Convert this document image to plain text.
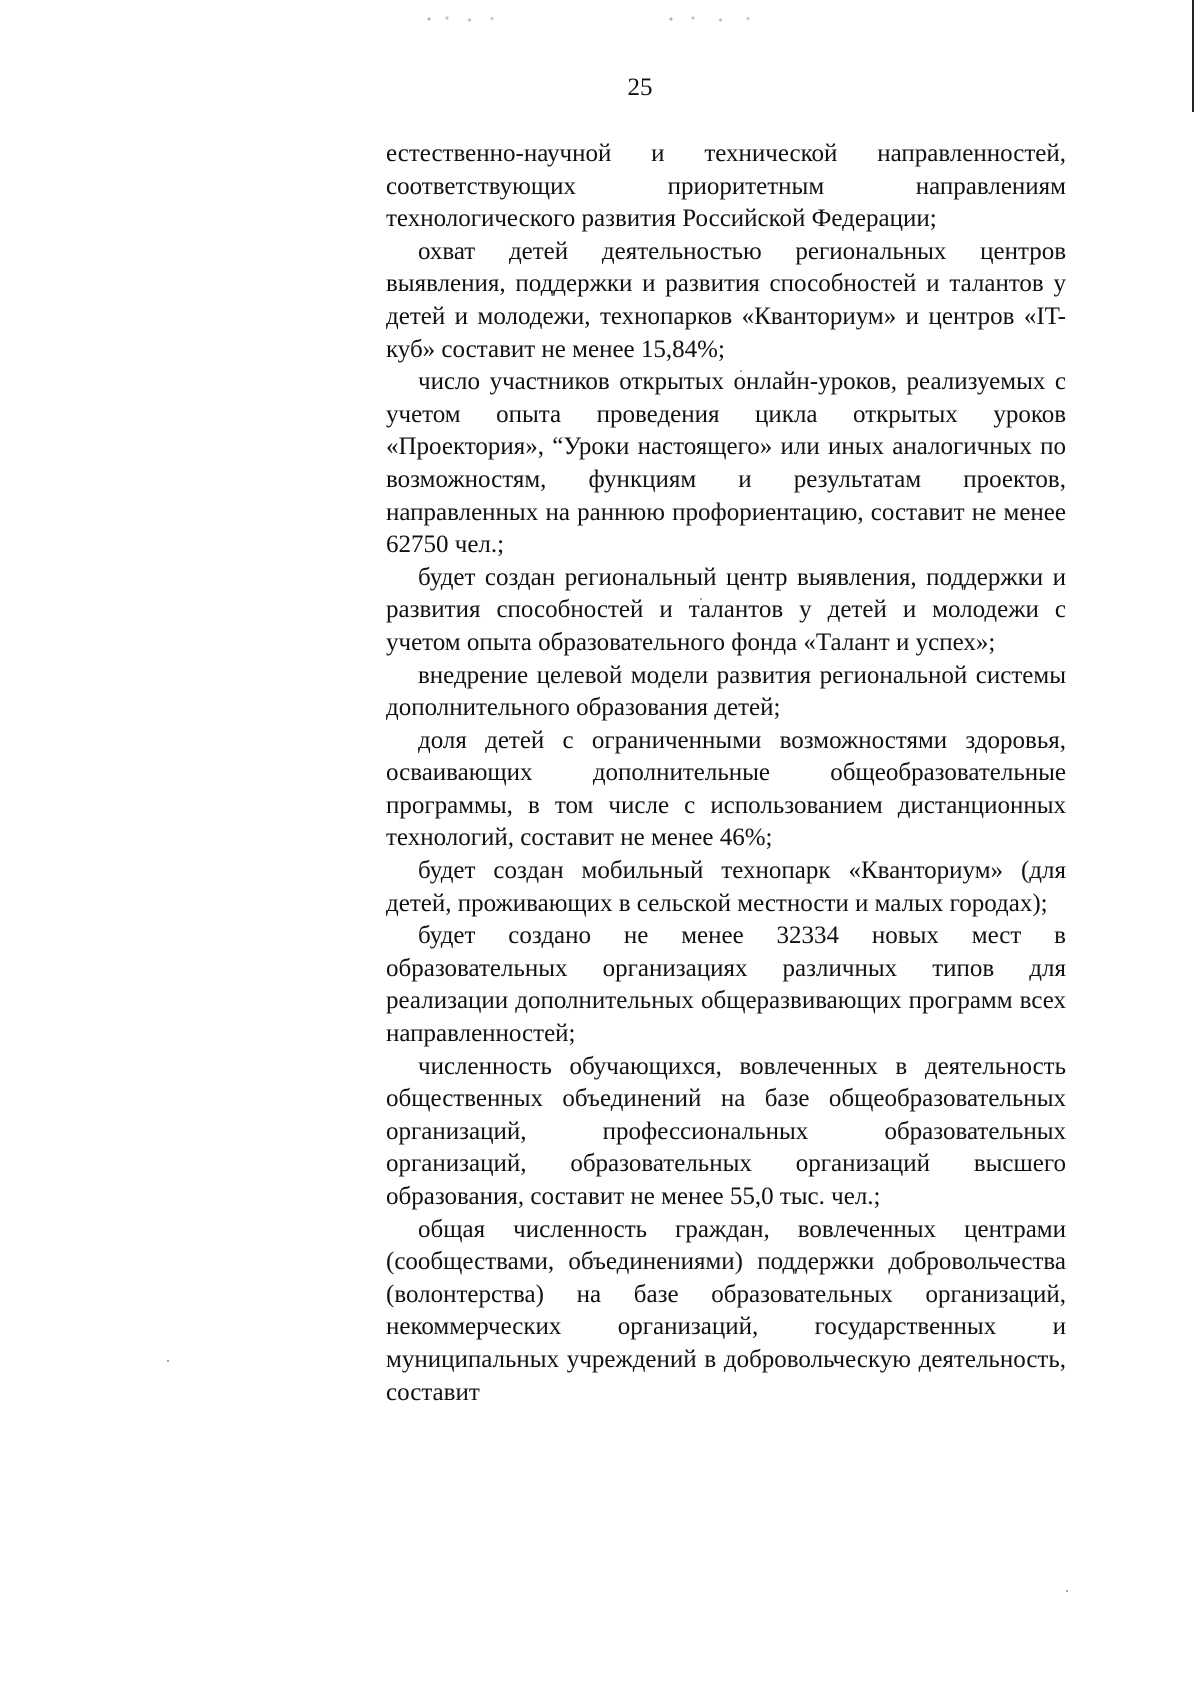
25

естественно-научной и технической направленностей, соответствующих приоритетным направлениям технологического развития Российской Федерации;

охват детей деятельностью региональных центров выявления, поддержки и развития способностей и талантов у детей и молодежи, технопарков «Кванториум» и центров «IT-куб» составит не менее 15,84%;

число участников открытых онлайн-уроков, реализуемых с учетом опыта проведения цикла открытых уроков «Проектория», “Уроки настоящего» или иных аналогичных по возможностям, функциям и результатам проектов, направленных на раннюю профориентацию, составит не менее 62750 чел.;

будет создан региональный центр выявления, поддержки и развития способностей и талантов у детей и молодежи с учетом опыта образовательного фонда «Талант и успех»;

внедрение целевой модели развития региональной системы дополнительного образования детей;

доля детей с ограниченными возможностями здоровья, осваивающих дополнительные общеобразовательные программы, в том числе с использованием дистанционных технологий, составит не менее 46%;

будет создан мобильный технопарк «Кванториум» (для детей, проживающих в сельской местности и малых городах);

будет создано не менее 32334 новых мест в образовательных организациях различных типов для реализации дополнительных общеразвивающих программ всех направленностей;

численность обучающихся, вовлеченных в деятельность общественных объединений на базе общеобразовательных организаций, профессиональных образовательных организаций, образовательных организаций высшего образования, составит не менее 55,0 тыс. чел.;

общая численность граждан, вовлеченных центрами (сообществами, объединениями) поддержки добровольчества (волонтерства) на базе образовательных организаций, некоммерческих организаций, государственных и муниципальных учреждений в добровольческую деятельность, составит
